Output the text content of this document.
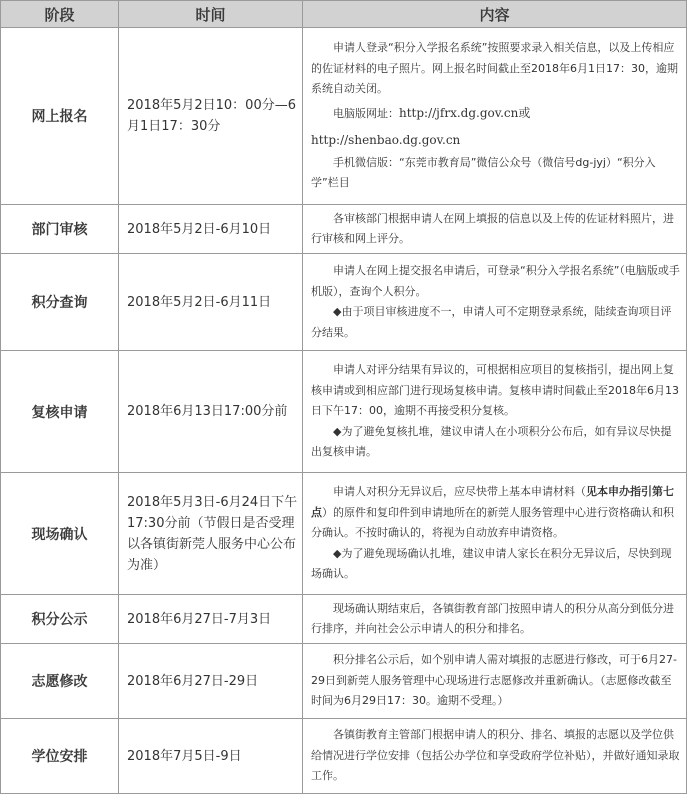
阶段	时间	内容
网上报名	2018年5月2日10：00分—6月1日17：30分	申请人登录“积分入学报名系统”按照要求录入相关信息，以及上传相应的佐证材料的电子照片。网上报名时间截止至2018年6月1日17：30，逾期系统自动关闭。

电脑版网址：http://jfrx.dg.gov.cn或

http://shenbao.dg.gov.cn

手机微信版：“东莞市教育局”微信公众号（微信号dg-jyj）“积分入学”栏目

部门审核	2018年5月2日-6月10日	各审核部门根据申请人在网上填报的信息以及上传的佐证材料照片，进行审核和网上评分。

积分查询	2018年5月2日-6月11日	申请人在网上提交报名申请后，可登录“积分入学报名系统”（电脑版或手机版），查询个人积分。

◆由于项目审核进度不一，申请人可不定期登录系统，陆续查询项目评分结果。

复核申请	2018年6月13日17:00分前	申请人对评分结果有异议的，可根据相应项目的复核指引，提出网上复核申请或到相应部门进行现场复核申请。复核申请时间截止至2018年6月13日下午17：00，逾期不再接受积分复核。

◆为了避免复核扎堆，建议申请人在小项积分公布后，如有异议尽快提出复核申请。

现场确认	2018年5月3日-6月24日下午17:30分前（节假日是否受理以各镇街新莞人服务中心公布为准）	申请人对积分无异议后，应尽快带上基本申请材料（见本申办指引第七点）的原件和复印件到申请地所在的新莞人服务管理中心进行资格确认和积分确认。不按时确认的，将视为自动放弃申请资格。

◆为了避免现场确认扎堆，建议申请人家长在积分无异议后，尽快到现场确认。

积分公示	2018年6月27日-7月3日	现场确认期结束后，各镇街教育部门按照申请人的积分从高分到低分进行排序，并向社会公示申请人的积分和排名。

志愿修改	2018年6月27日-29日	积分排名公示后，如个别申请人需对填报的志愿进行修改，可于6月27-29日到新莞人服务管理中心现场进行志愿修改并重新确认。（志愿修改截至时间为6月29日17：30。逾期不受理。）

学位安排	2018年7月5日-9日	各镇街教育主管部门根据申请人的积分、排名、填报的志愿以及学位供给情况进行学位安排（包括公办学位和享受政府学位补贴），并做好通知录取工作。
